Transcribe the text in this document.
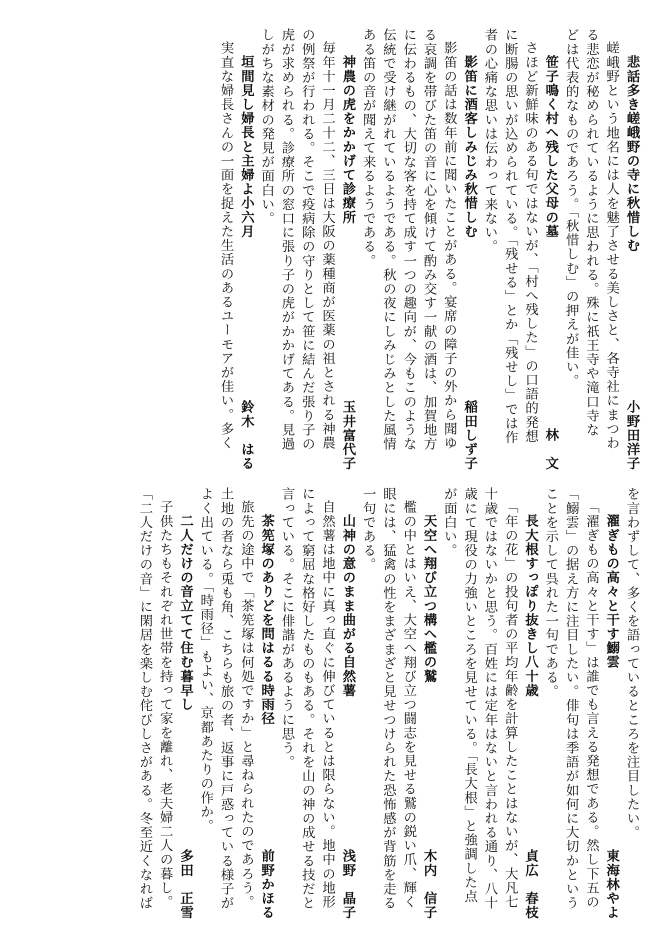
悲話多き嵯峨野の寺に秋惜しむ
小野田洋子
嵯峨野という地名には人を魅了させる美しさと、各寺社にまつわ
る悲恋が秘められているように思われる。殊に祇王寺や滝口寺な
どは代表的なものであろう。「秋惜しむ」の押えが佳い。
笹子鳴く村へ残した父母の墓
林　文
さほど新鮮味のある句ではないが、「村へ残した」の口語的発想
に断腸の思いが込められている。「残せる」とか「残せし」では作
者の心痛な思いは伝わって来ない。
影笛に酒客しみじみ秋惜しむ
稲田しず子
影笛の話は数年前に聞いたことがある。宴席の障子の外から聞ゆ
る哀調を帯びた笛の音に心を傾けて酌み交す一献の酒は、加賀地方
に伝わるもの、大切な客を持て成す一つの趣向が、今もこのような
伝統で受け継がれているようである。秋の夜にしみじみとした風情
ある笛の音が聞えて来るようである。
神農の虎をかかげて診療所
玉井富代子
毎年十一月二十二、三日は大阪の薬種商が医薬の祖とされる神農
の例祭が行われる。そこで疫病除の守りとして笹に結んだ張り子の
虎が求められる。診療所の窓口に張り子の虎がかかげてある。見過
しがちな素材の発見が面白い。
垣間見し婦長と主婦よ小六月
鈴木　はる
実直な婦長さんの一面を捉えた生活のあるユーモアが佳い。多く
を言わずして、多くを語っているところを注目したい。
濯ぎもの高々と干す鰯雲
東海林やよ
「濯ぎもの高々と干す」は誰でも言える発想である。然し下五の
「鰯雲」の据え方に注目したい。俳句は季語が如何に大切かという
ことを示して呉れた一句である。
長大根すっぽり抜きし八十歳
貞広　春枝
「年の花」の投句者の平均年齢を計算したことはないが、大凡七
十歳ではないかと思う。百姓には定年はないと言われる通り、八十
歳にて現役の力強いところを見せている。「長大根」と強調した点
が面白い。
天空へ翔び立つ構へ檻の鷲
木内　信子
檻の中とはいえ、大空へ翔び立つ闘志を見せる鷲の鋭い爪、輝く
眼には、猛禽の性をまざまざと見せつけられた恐怖感が背筋を走る
一句である。
山神の意のまま曲がる自然薯
浅野　晶子
自然薯は地中に真っ直ぐに伸びているとは限らない。地中の地形
によって窮屈な格好したものもある。それを山の神の成せる技だと
言っている。そこに俳諧があるように思う。
茶筅塚のありどを問はるる時雨径
前野かほる
旅先の途中で「茶筅塚は何処ですか」と尋ねられたのであろう。
土地の者なら兎も角、こちらも旅の者、返事に戸惑っている様子が
よく出ている。「時雨径」もよい、京都あたりの作か。
二人だけの音立てて住む暮早し
多田　正雪
子供たちもそれぞれ世帯を持って家を離れ、老夫婦二人の暮し。
「二人だけの音」に閑居を楽しむ侘びしさがある。冬至近くなれば
